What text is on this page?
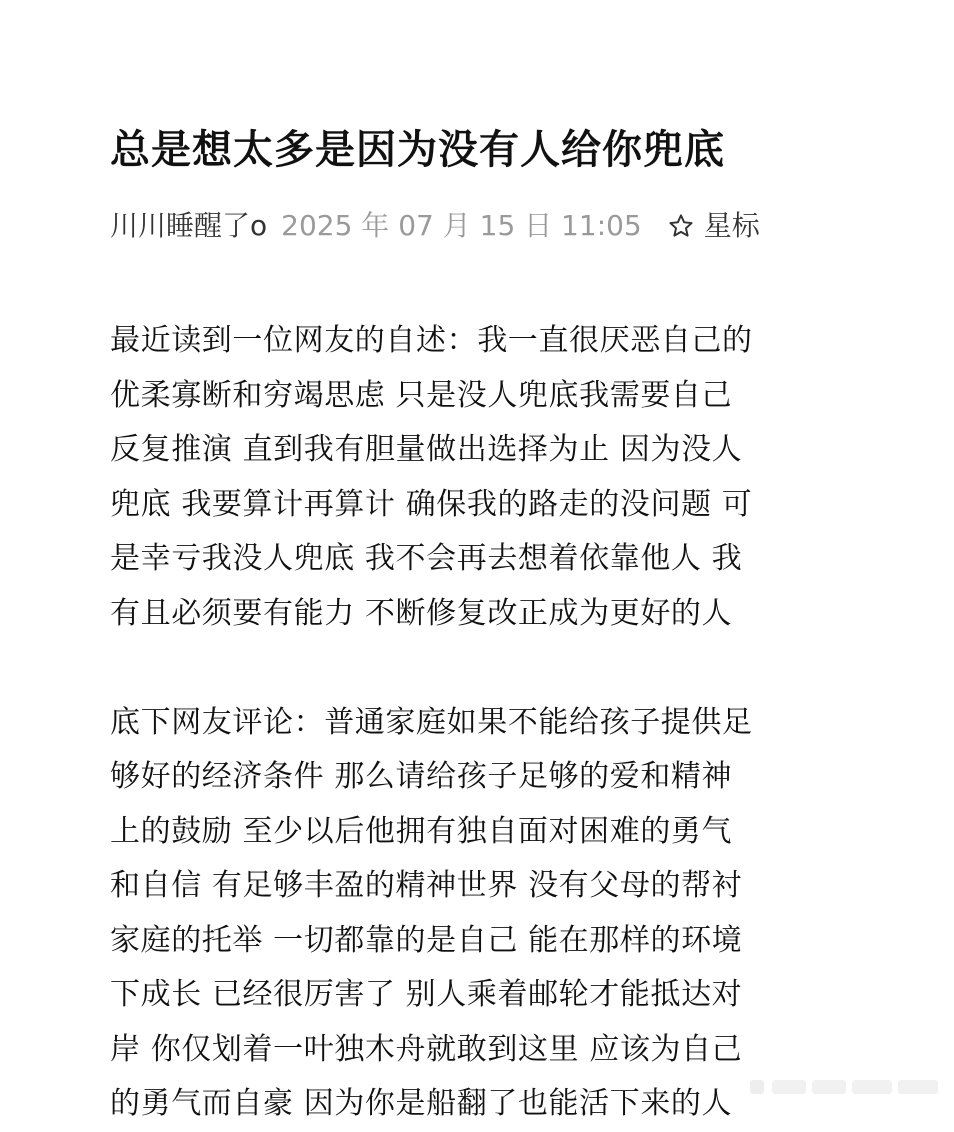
总是想太多是因为没有人给你兜底
川川睡醒了o 2025 年 07 月 15 日 11:05 星标
最近读到一位网友的自述：我一直很厌恶自己的
优柔寡断和穷竭思虑 只是没人兜底我需要自己
反复推演 直到我有胆量做出选择为止 因为没人
兜底 我要算计再算计 确保我的路走的没问题 可
是幸亏我没人兜底 我不会再去想着依靠他人 我
有且必须要有能力 不断修复改正成为更好的人
底下网友评论：普通家庭如果不能给孩子提供足
够好的经济条件 那么请给孩子足够的爱和精神
上的鼓励 至少以后他拥有独自面对困难的勇气
和自信 有足够丰盈的精神世界 没有父母的帮衬
家庭的托举 一切都靠的是自己 能在那样的环境
下成长 已经很厉害了 别人乘着邮轮才能抵达对
岸 你仅划着一叶独木舟就敢到这里 应该为自己
的勇气而自豪 因为你是船翻了也能活下来的人
